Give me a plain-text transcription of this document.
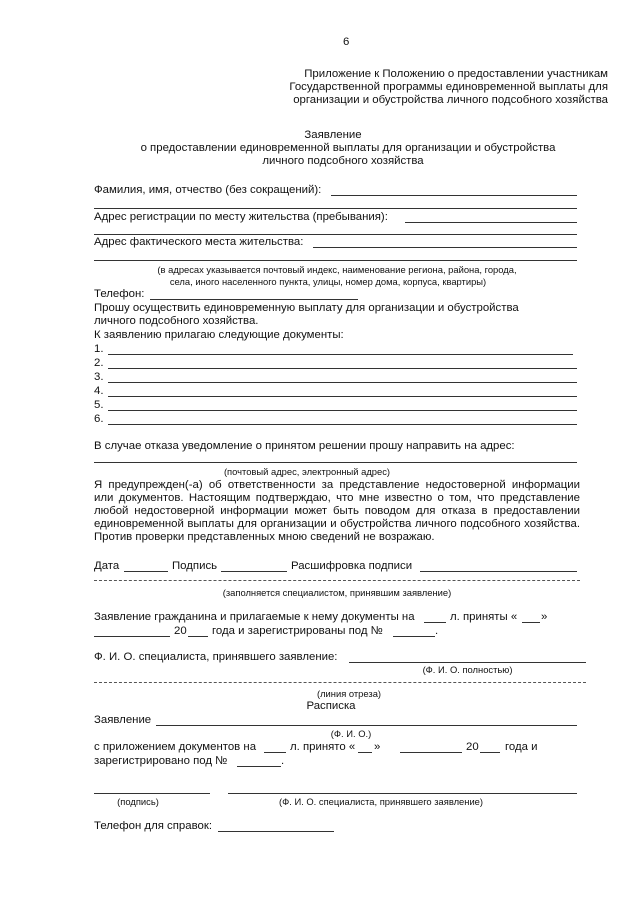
6
Приложение к Положению о предоставлении участникам
Государственной программы единовременной выплаты для
организации и обустройства личного подсобного хозяйства
Заявление
о предоставлении единовременной выплаты для организации и обустройства
личного подсобного хозяйства
Фамилия, имя, отчество (без сокращений):
Адрес регистрации по месту жительства (пребывания):
Адрес фактического места жительства:
(в адресах указывается почтовый индекс, наименование региона, района, города,
села, иного населенного пункта, улицы, номер дома, корпуса, квартиры)
Телефон:
Прошу осуществить единовременную выплату для организации и обустройства
личного подсобного хозяйства.
К заявлению прилагаю следующие документы:
1.
2.
3.
4.
5.
6.
В случае отказа уведомление о принятом решении прошу направить на адрес:
(почтовый адрес, электронный адрес)
Я предупрежден(-а) об ответственности за представление недостоверной информации или документов. Настоящим подтверждаю, что мне известно о том, что представление любой недостоверной информации может быть поводом для отказа в предоставлении единовременной выплаты для организации и обустройства личного подсобного хозяйства. Против проверки представленных мною сведений не возражаю.
Дата	Подпись	Расшифровка подписи
(заполняется специалистом, принявшим заявление)
Заявление гражданина и прилагаемые к нему документы на	л. приняты « »
20 года и зарегистрированы под №	.
Ф. И. О. специалиста, принявшего заявление:
(Ф. И. О. полностью)
(линия отреза)
Расписка
Заявление
(Ф. И. О.)
с приложением документов на	л. принято « »	20 года и
зарегистрировано под №	.
(подпись)	(Ф. И. О. специалиста, принявшего заявление)
Телефон для справок:
